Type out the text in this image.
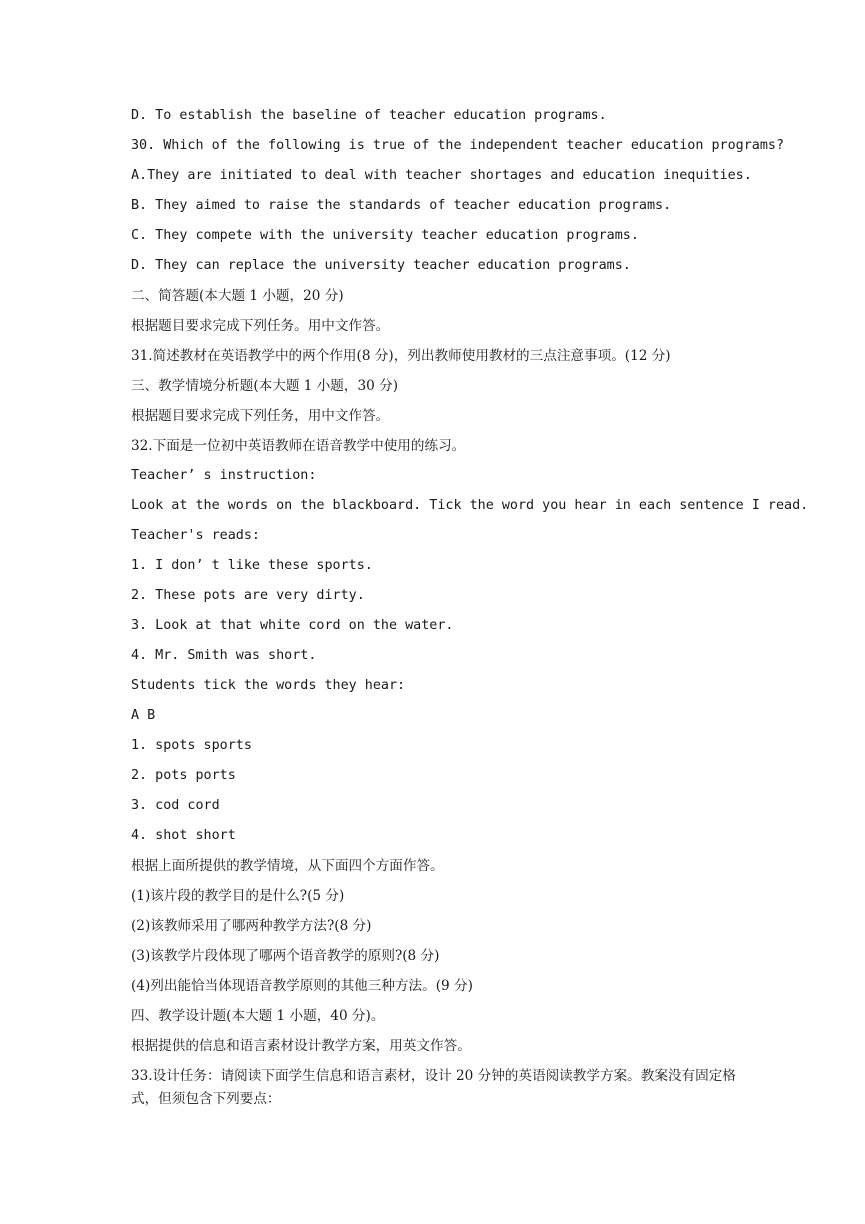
D. To establish the baseline of teacher education programs.
30. Which of the following is true of the independent teacher education programs?
A.They are initiated to deal with teacher shortages and education inequities.
B. They aimed to raise the standards of teacher education programs.
C. They compete with the university teacher education programs.
D. They can replace the university teacher education programs.
二、简答题(本大题 1 小题，20 分)
根据题目要求完成下列任务。用中文作答。
31.简述教材在英语教学中的两个作用(8 分)，列出教师使用教材的三点注意事项。(12 分)
三、教学情境分析题(本大题 1 小题，30 分)
根据题目要求完成下列任务，用中文作答。
32.下面是一位初中英语教师在语音教学中使用的练习。
Teacher’ s instruction:
Look at the words on the blackboard. Tick the word you hear in each sentence I read.
Teacher's reads:
1. I don’ t like these sports.
2. These pots are very dirty.
3. Look at that white cord on the water.
4. Mr. Smith was short.
Students tick the words they hear:
A B
1. spots sports
2. pots ports
3. cod cord
4. shot short
根据上面所提供的教学情境，从下面四个方面作答。
(1)该片段的教学目的是什么?(5 分)
(2)该教师采用了哪两种教学方法?(8 分)
(3)该教学片段体现了哪两个语音教学的原则?(8 分)
(4)列出能恰当体现语音教学原则的其他三种方法。(9 分)
四、教学设计题(本大题 1 小题，40 分)。
根据提供的信息和语言素材设计教学方案，用英文作答。
33.设计任务：请阅读下面学生信息和语言素材，设计 20 分钟的英语阅读教学方案。教案没有固定格式，但须包含下列要点：
